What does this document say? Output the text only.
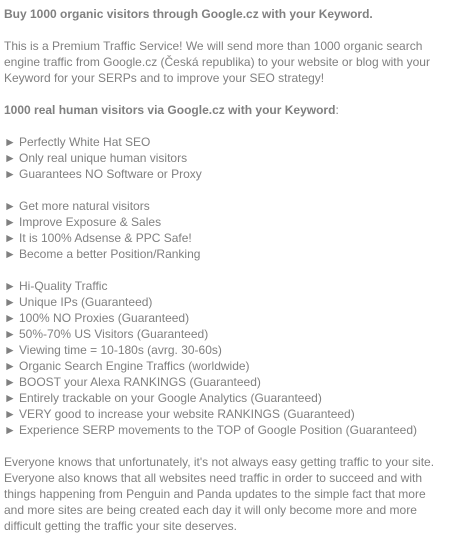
Buy 1000 organic visitors through Google.cz with your Keyword.
This is a Premium Traffic Service! We will send more than 1000 organic search engine traffic from Google.cz (Česká republika) to your website or blog with your Keyword for your SERPs and to improve your SEO strategy!
1000 real human visitors via Google.cz with your Keyword:
► Perfectly White Hat SEO
► Only real unique human visitors
► Guarantees NO Software or Proxy
► Get more natural visitors
► Improve Exposure & Sales
► It is 100% Adsense & PPC Safe!
► Become a better Position/Ranking
► Hi-Quality Traffic
► Unique IPs (Guaranteed)
► 100% NO Proxies (Guaranteed)
► 50%-70% US Visitors (Guaranteed)
► Viewing time = 10-180s (avrg. 30-60s)
► Organic Search Engine Traffics (worldwide)
► BOOST your Alexa RANKINGS (Guaranteed)
► Entirely trackable on your Google Analytics (Guaranteed)
► VERY good to increase your website RANKINGS (Guaranteed)
► Experience SERP movements to the TOP of Google Position (Guaranteed)
Everyone knows that unfortunately, it's not always easy getting traffic to your site. Everyone also knows that all websites need traffic in order to succeed and with things happening from Penguin and Panda updates to the simple fact that more and more sites are being created each day it will only become more and more difficult getting the traffic your site deserves.
